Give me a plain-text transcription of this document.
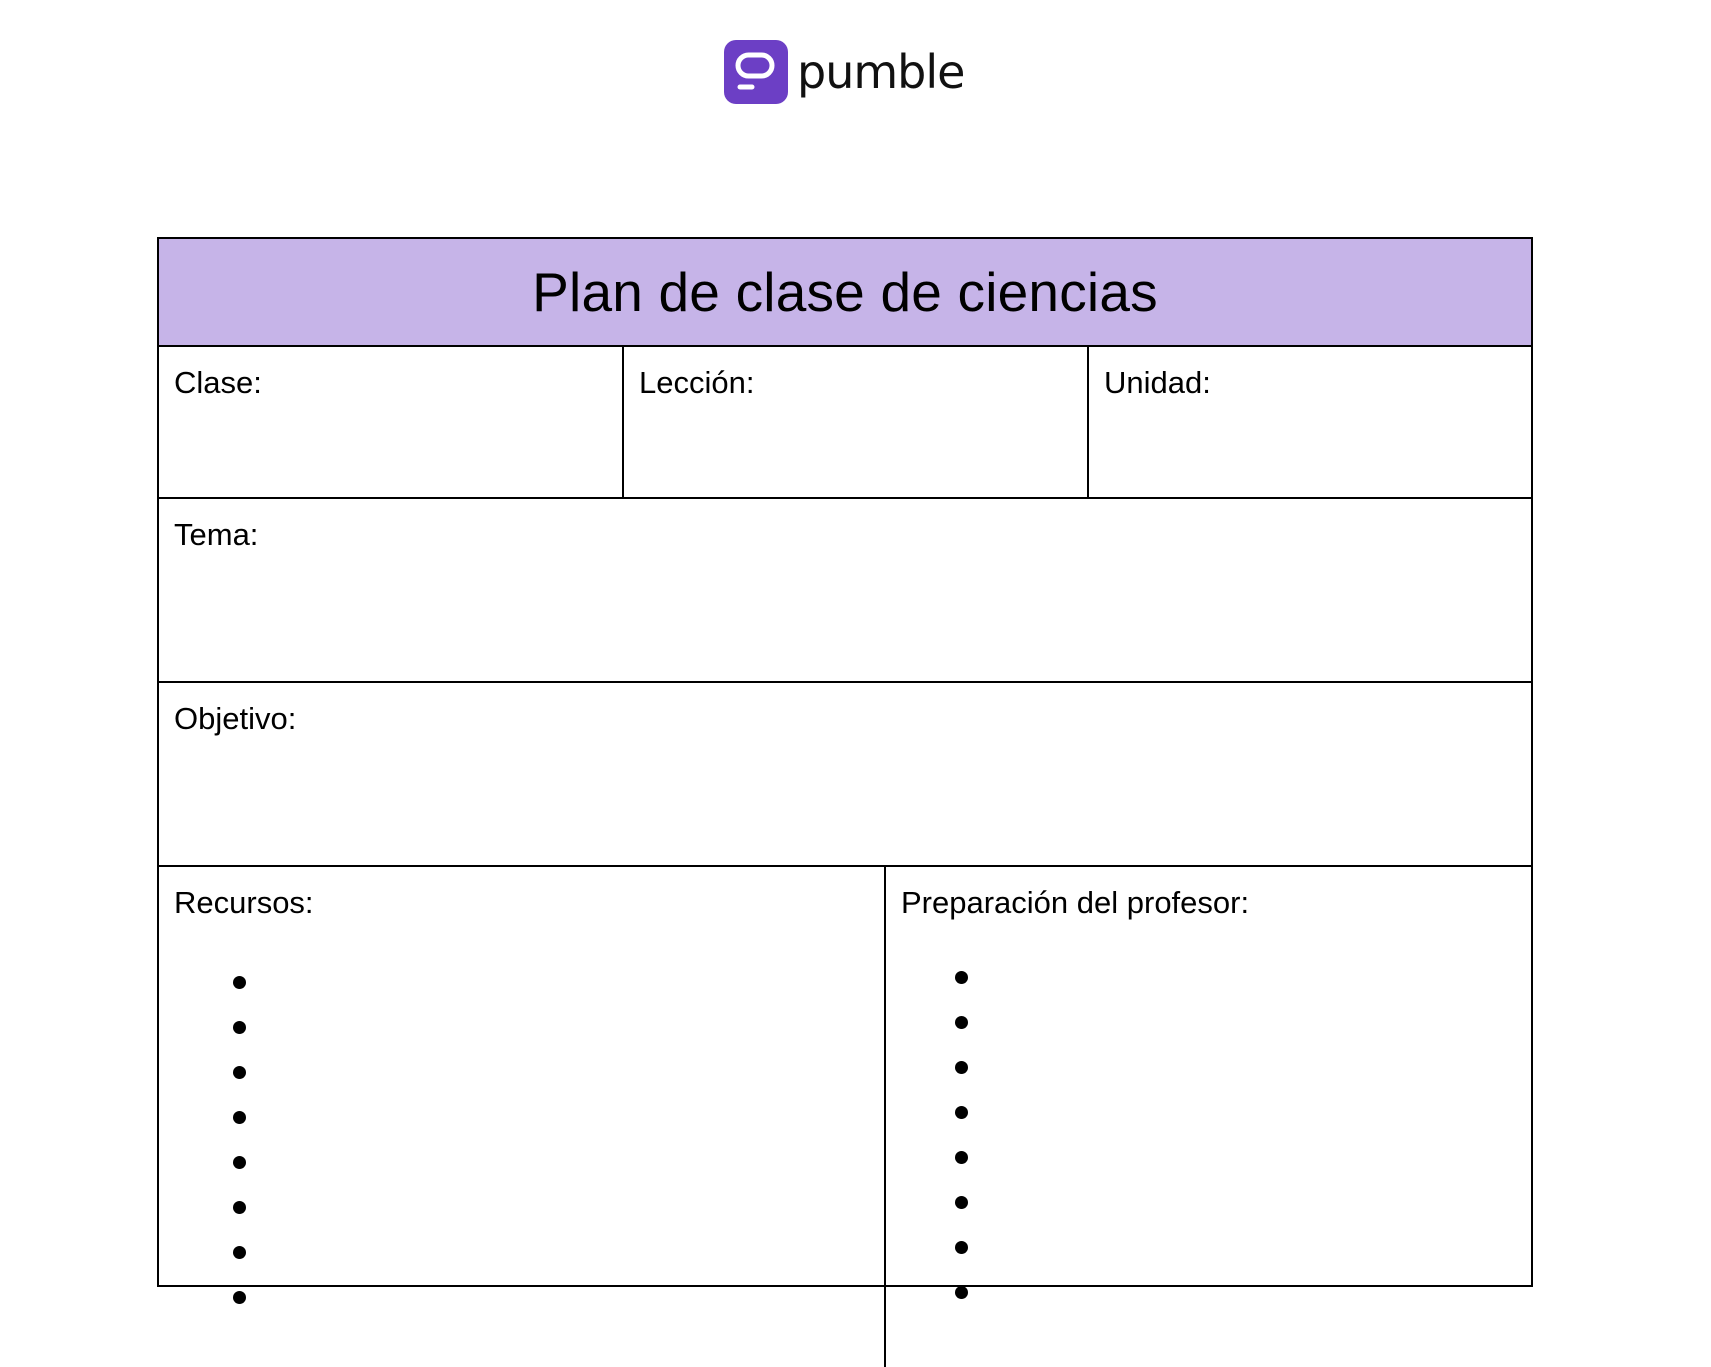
pumble
Plan de clase de ciencias
Clase:	Lección:	Unidad:
Tema:
Objetivo:
Recursos:	Preparación del profesor:
